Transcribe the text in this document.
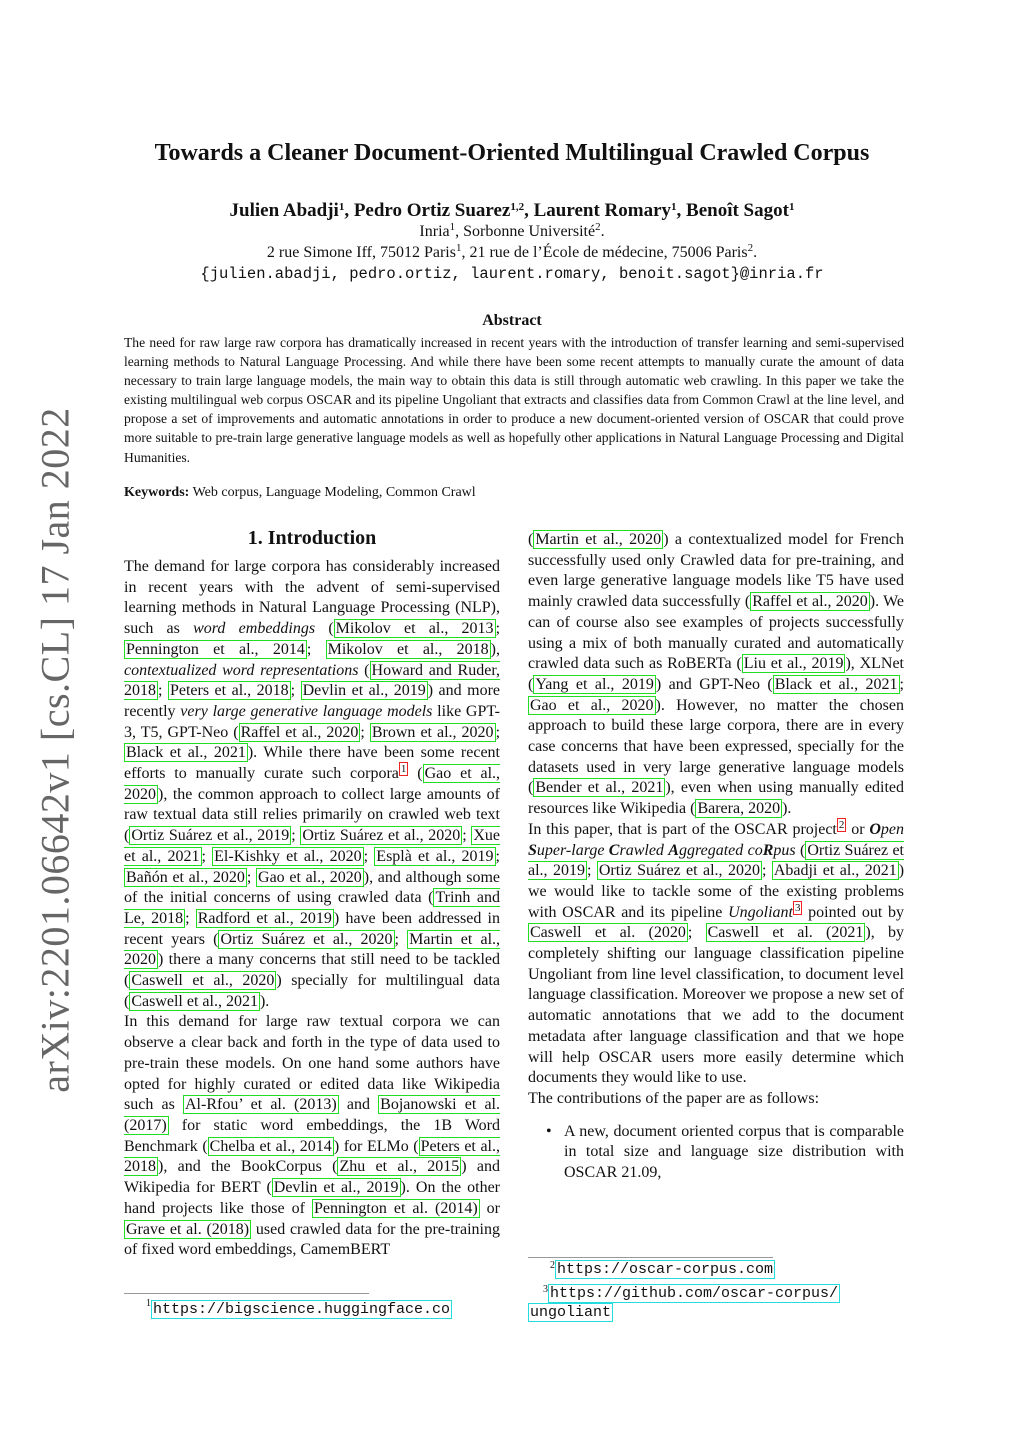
arXiv:2201.06642v1 [cs.CL] 17 Jan 2022
Towards a Cleaner Document-Oriented Multilingual Crawled Corpus
Julien Abadji$^1$, Pedro Ortiz Suarez$^{1,2}$, Laurent Romary$^1$, Benoît Sagot$^1$
Inria$^1$, Sorbonne Université$^2$.
2 rue Simone Iff, 75012 Paris$^1$, 21 rue de l’École de médecine, 75006 Paris$^2$.
{julien.abadji, pedro.ortiz, laurent.romary, benoit.sagot}@inria.fr
Abstract
The need for raw large raw corpora has dramatically increased in recent years with the introduction of transfer learning and semi-supervised learning methods to Natural Language Processing. And while there have been some recent attempts to manually curate the amount of data necessary to train large language models, the main way to obtain this data is still through automatic web crawling. In this paper we take the existing multilingual web corpus OSCAR and its pipeline Ungoliant that extracts and classifies data from Common Crawl at the line level, and propose a set of improvements and automatic annotations in order to produce a new document-oriented version of OSCAR that could prove more suitable to pre-train large generative language models as well as hopefully other applications in Natural Language Processing and Digital Humanities.
Keywords: Web corpus, Language Modeling, Common Crawl
1. Introduction

The demand for large corpora has considerably increased in recent years with the advent of semi-supervised learning methods in Natural Language Processing (NLP), such as word embeddings ( Mikolov et al., 2013 ; Pennington et al., 2014 ; Mikolov et al., 2018 ), contextualized word representations ( Howard and Ruder, 2018 ; Peters et al., 2018 ; Devlin et al., 2019 ) and more recently very large generative language models like GPT-3, T5, GPT-Neo ( Raffel et al., 2020 ; Brown et al., 2020 ; Black et al., 2021 ). While there have been some recent efforts to manually curate such corpora $^1$ ( Gao et al., 2020 ), the common approach to collect large amounts of raw textual data still relies primarily on crawled web text ( Ortiz Suárez et al., 2019 ; Ortiz Suárez et al., 2020 ; Xue et al., 2021 ; El-Kishky et al., 2020 ; Esplà et al., 2019 ; Bañón et al., 2020 ; Gao et al., 2020 ), and although some of the initial concerns of using crawled data ( Trinh and Le, 2018 ; Radford et al., 2019 ) have been addressed in recent years ( Ortiz Suárez et al., 2020 ; Martin et al., 2020 ) there a many concerns that still need to be tackled ( Caswell et al., 2020 ) specially for multilingual data ( Caswell et al., 2021 ).

In this demand for large raw textual corpora we can observe a clear back and forth in the type of data used to pre-train these models. On one hand some authors have opted for highly curated or edited data like Wikipedia such as Al-Rfou’ et al. (2013) and Bojanowski et al. (2017) for static word embeddings, the 1B Word Benchmark ( Chelba et al., 2014 ) for ELMo ( Peters et al., 2018 ), and the BookCorpus ( Zhu et al., 2015 ) and Wikipedia for BERT ( Devlin et al., 2019 ). On the other hand projects like those of Pennington et al. (2014) or Grave et al. (2018) used crawled data for the pre-training of fixed word embeddings, CamemBERT

( Martin et al., 2020 ) a contextualized model for French successfully used only Crawled data for pre-training, and even large generative language models like T5 have used mainly crawled data successfully ( Raffel et al., 2020 ). We can of course also see examples of projects successfully using a mix of both manually curated and automatically crawled data such as RoBERTa ( Liu et al., 2019 ), XLNet ( Yang et al., 2019 ) and GPT-Neo ( Black et al., 2021 ; Gao et al., 2020 ). However, no matter the chosen approach to build these large corpora, there are in every case concerns that have been expressed, specially for the datasets used in very large generative language models ( Bender et al., 2021 ), even when using manually edited resources like Wikipedia ( Barera, 2020 ).

In this paper, that is part of the OSCAR project $^2$ or Open Super-large Crawled Aggregated coRpus ( Ortiz Suárez et al., 2019 ; Ortiz Suárez et al., 2020 ; Abadji et al., 2021 ) we would like to tackle some of the existing problems with OSCAR and its pipeline Ungoliant $^3$ pointed out by Caswell et al. (2020 ; Caswell et al. (2021 ), by completely shifting our language classification pipeline Ungoliant from line level classification, to document level language classification. Moreover we propose a new set of automatic annotations that we add to the document metadata after language classification and that we hope will help OSCAR users more easily determine which documents they would like to use.

The contributions of the paper are as follows:

• A new, document oriented corpus that is comparable in total size and language size distribution with OSCAR 21.09,
$^1$ https://bigscience.huggingface.co
$^2$ https://oscar-corpus.com
$^3$ https://github.com/oscar-corpus/
ungoliant
